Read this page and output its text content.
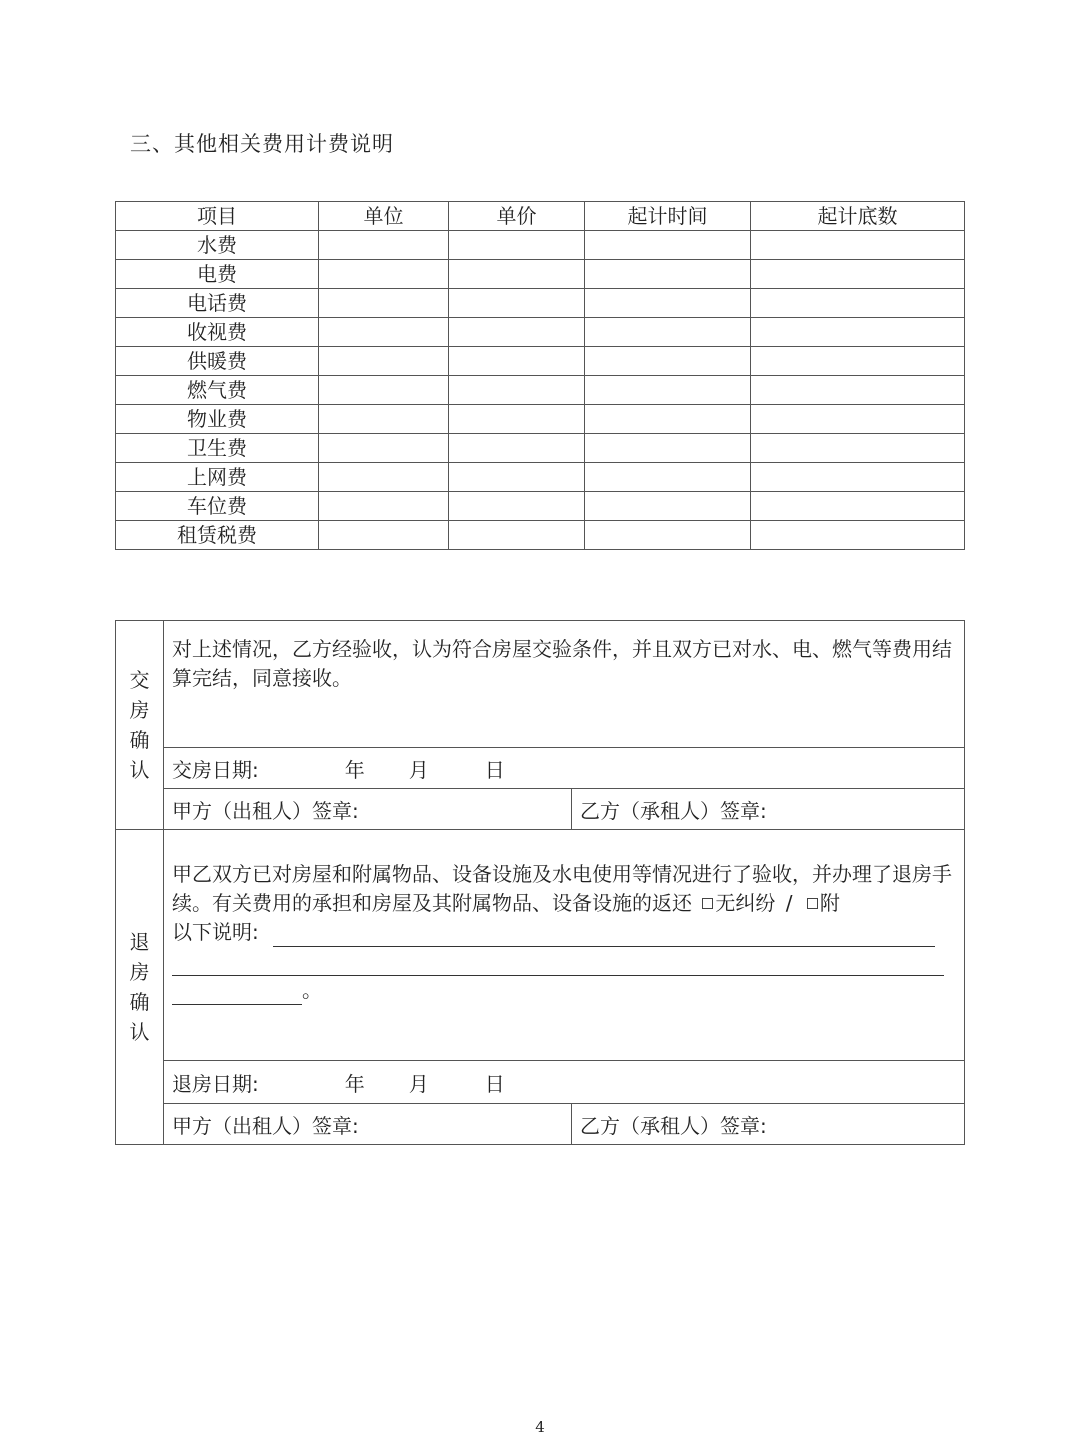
三、其他相关费用计费说明
项目	单位	单价	起计时间	起计底数
水费				
电费				
电话费				
收视费				
供暖费				
燃气费				
物业费				
卫生费				
上网费				
车位费				
租赁税费				
交
房
确
认	对上述情况，乙方经验收，认为符合房屋交验条件，并且双方已对水、电、燃气等费用结算完结，同意接收。	
	交房日期: 年 月 日	
	甲方（出租人）签章:	乙方（承租人）签章:

退
房
确
认	甲乙双方已对房屋和附属物品、设备设施及水电使用等情况进行了验收，并办理了退房手续。有关费用的承担和房屋及其附属物品、设备设施的返还 无纠纷 / 附
以下说明:

。	
	退房日期: 年 月 日	
	甲方（出租人）签章:	乙方（承租人）签章:
4
